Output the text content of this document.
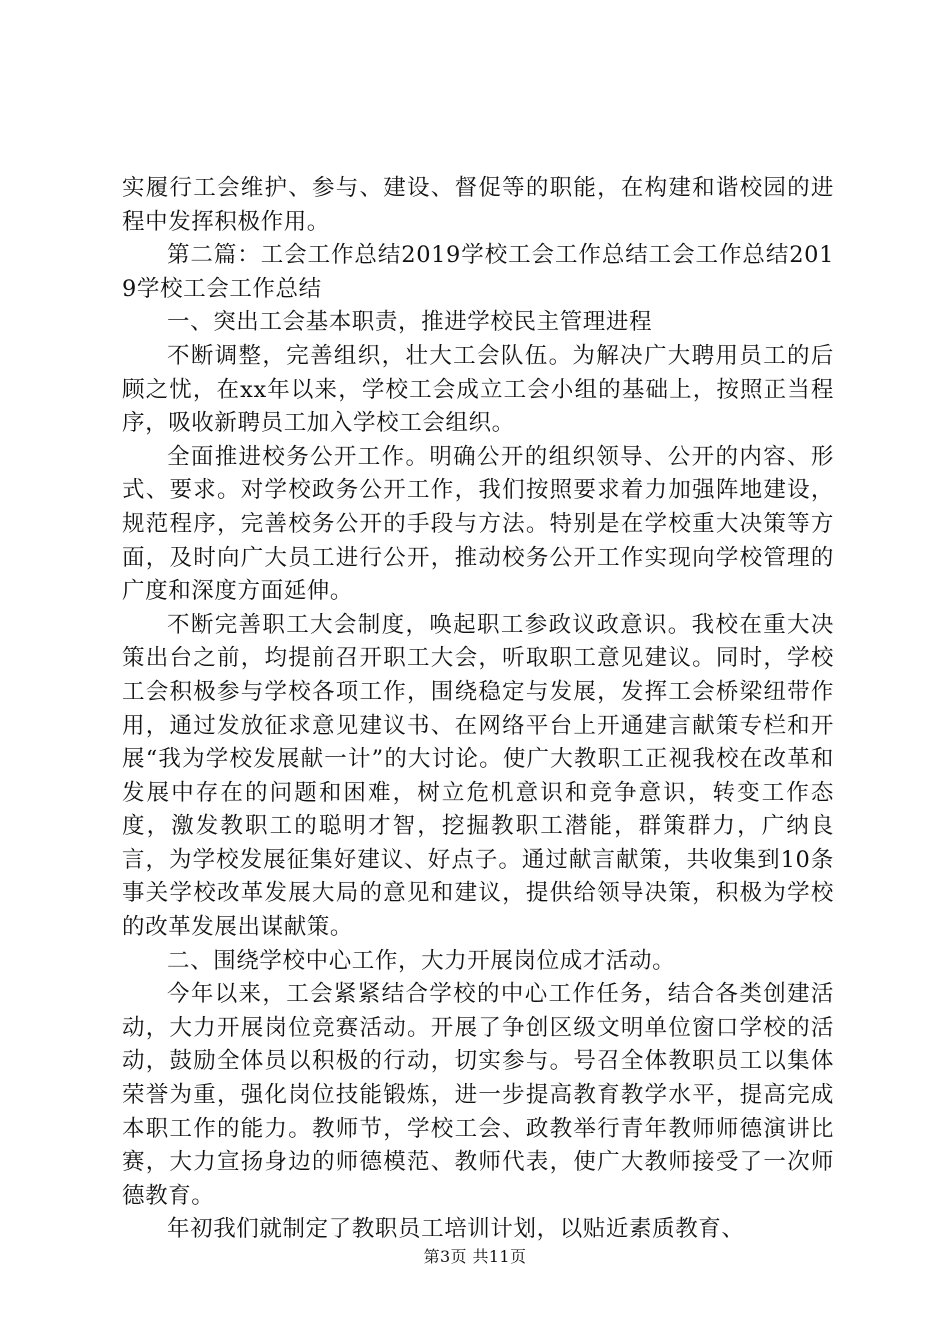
实履行工会维护、参与、建设、督促等的职能，在构建和谐校园的进程中发挥积极作用。

第二篇：工会工作总结2019学校工会工作总结工会工作总结2019学校工会工作总结

一、突出工会基本职责，推进学校民主管理进程

不断调整，完善组织，壮大工会队伍。为解决广大聘用员工的后顾之忧，在xx年以来，学校工会成立工会小组的基础上，按照正当程序，吸收新聘员工加入学校工会组织。

全面推进校务公开工作。明确公开的组织领导、公开的内容、形式、要求。对学校政务公开工作，我们按照要求着力加强阵地建设，规范程序，完善校务公开的手段与方法。特别是在学校重大决策等方面，及时向广大员工进行公开，推动校务公开工作实现向学校管理的广度和深度方面延伸。

不断完善职工大会制度，唤起职工参政议政意识。我校在重大决策出台之前，均提前召开职工大会，听取职工意见建议。同时，学校工会积极参与学校各项工作，围绕稳定与发展，发挥工会桥梁纽带作用，通过发放征求意见建议书、在网络平台上开通建言献策专栏和开展“我为学校发展献一计”的大讨论。使广大教职工正视我校在改革和发展中存在的问题和困难，树立危机意识和竞争意识，转变工作态度，激发教职工的聪明才智，挖掘教职工潜能，群策群力，广纳良言，为学校发展征集好建议、好点子。通过献言献策，共收集到10条事关学校改革发展大局的意见和建议，提供给领导决策，积极为学校的改革发展出谋献策。

二、围绕学校中心工作，大力开展岗位成才活动。

今年以来，工会紧紧结合学校的中心工作任务，结合各类创建活动，大力开展岗位竞赛活动。开展了争创区级文明单位窗口学校的活动，鼓励全体员以积极的行动，切实参与。号召全体教职员工以集体荣誉为重，强化岗位技能锻炼，进一步提高教育教学水平，提高完成本职工作的能力。教师节，学校工会、政教举行青年教师师德演讲比赛，大力宣扬身边的师德模范、教师代表，使广大教师接受了一次师德教育。

年初我们就制定了教职员工培训计划，以贴近素质教育、

第3页 共11页
